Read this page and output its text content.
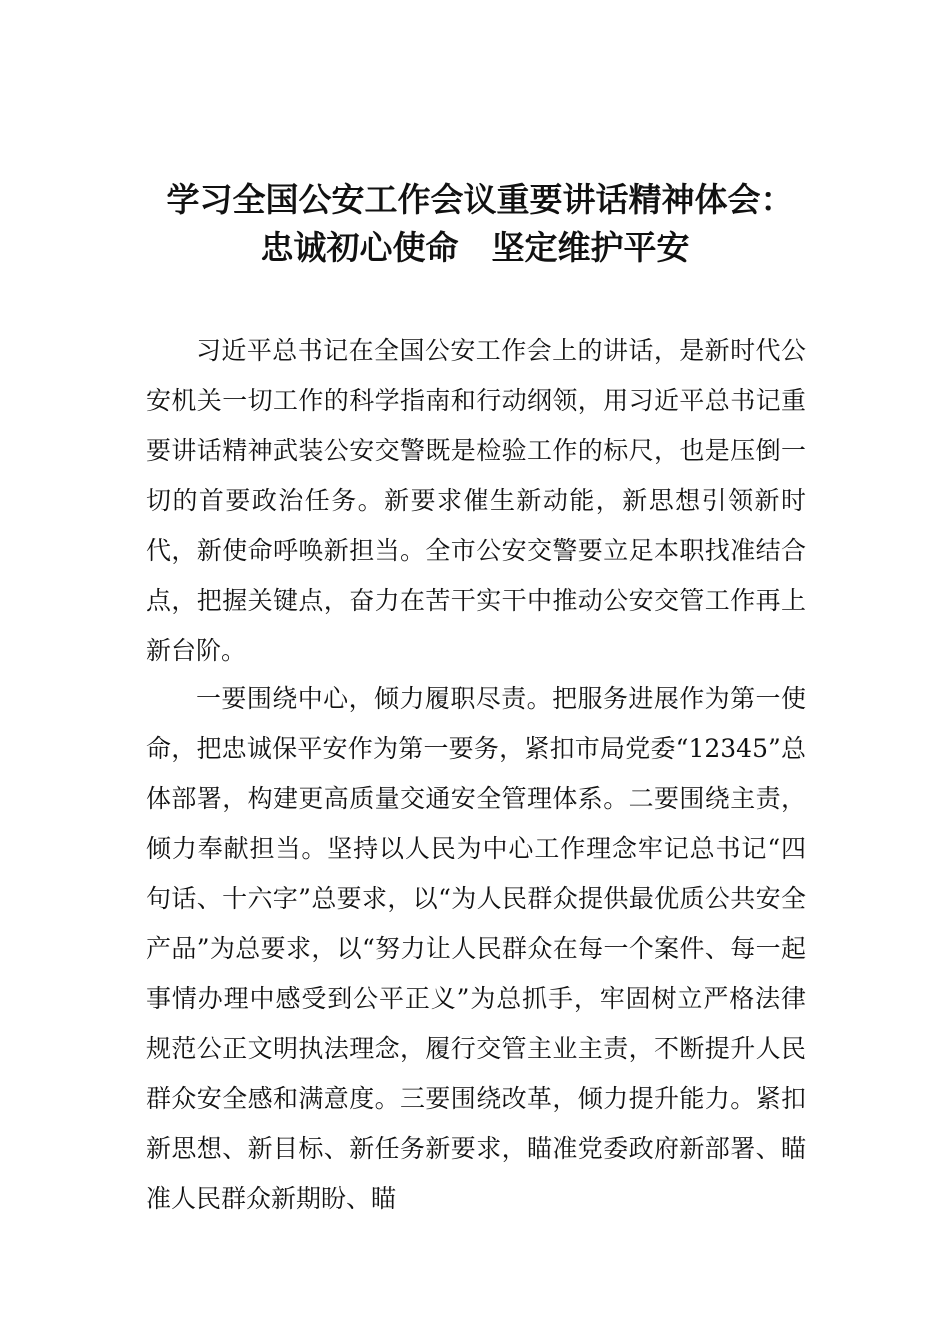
学习全国公安工作会议重要讲话精神体会：
忠诚初心使命　坚定维护平安

习近平总书记在全国公安工作会上的讲话，是新时代公安机关一切工作的科学指南和行动纲领，用习近平总书记重要讲话精神武装公安交警既是检验工作的标尺，也是压倒一切的首要政治任务。新要求催生新动能，新思想引领新时代，新使命呼唤新担当。全市公安交警要立足本职找准结合点，把握关键点，奋力在苦干实干中推动公安交管工作再上新台阶。

一要围绕中心，倾力履职尽责。把服务进展作为第一使命，把忠诚保平安作为第一要务，紧扣市局党委“12345”总体部署，构建更高质量交通安全管理体系。二要围绕主责，倾力奉献担当。坚持以人民为中心工作理念牢记总书记“四句话、十六字”总要求，以“为人民群众提供最优质公共安全产品”为总要求，以“努力让人民群众在每一个案件、每一起事情办理中感受到公平正义”为总抓手，牢固树立严格法律规范公正文明执法理念，履行交管主业主责，不断提升人民群众安全感和满意度。三要围绕改革，倾力提升能力。紧扣新思想、新目标、新任务新要求，瞄准党委政府新部署、瞄准人民群众新期盼、瞄
